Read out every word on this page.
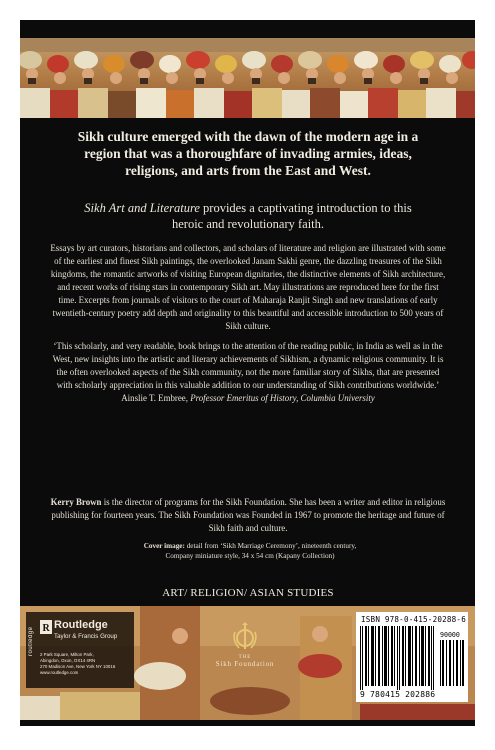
Sikh culture emerged with the dawn of the modern age in a region that was a thoroughfare of invading armies, ideas, religions, and arts from the East and West.
Sikh Art and Literature provides a captivating introduction to this heroic and revolutionary faith.

Essays by art curators, historians and collectors, and scholars of literature and religion are illustrated with some of the earliest and finest Sikh paintings, the overlooked Janam Sakhi genre, the dazzling treasures of the Sikh kingdoms, the romantic artworks of visiting European dignitaries, the distinctive elements of Sikh architecture, and recent works of rising stars in contemporary Sikh art. May illustrations are reproduced here for the first time. Excerpts from journals of visitors to the court of Maharaja Ranjit Singh and new translations of early twentieth-century poetry add depth and originality to this beautiful and accessible introduction to 500 years of Sikh culture.

‘This scholarly, and very readable, book brings to the attention of the reading public, in India as well as in the West, new insights into the artistic and literary achievements of Sikhism, a dynamic religious community. It is the often overlooked aspects of the Sikh community, not the more familiar story of Sikhs, that are presented with scholarly appreciation in this valuable addition to our understanding of Sikh contributions worldwide.’
Ainslie T. Embree, Professor Emeritus of History, Columbia University

Kerry Brown is the director of programs for the Sikh Foundation. She has been a writer and editor in religious publishing for fourteen years. The Sikh Foundation was Founded in 1967 to promote the heritage and future of Sikh faith and culture.
Cover image: detail from ‘Sikh Marriage Ceremony’, nineteenth century, Company miniature style, 34 x 54 cm (Kapany Collection)
ART/ RELIGION/ ASIAN STUDIES
routledge R Routledge
Taylor & Francis Group
2 Park Square, Milton Park,
Abingdon, Oxon, OX14 4RN
270 Madison Ave, New York NY 10016
www.routledge.com
THE
Sikh Foundation
ISBN 978-0-415-20288-6
90000
9 780415 202886
